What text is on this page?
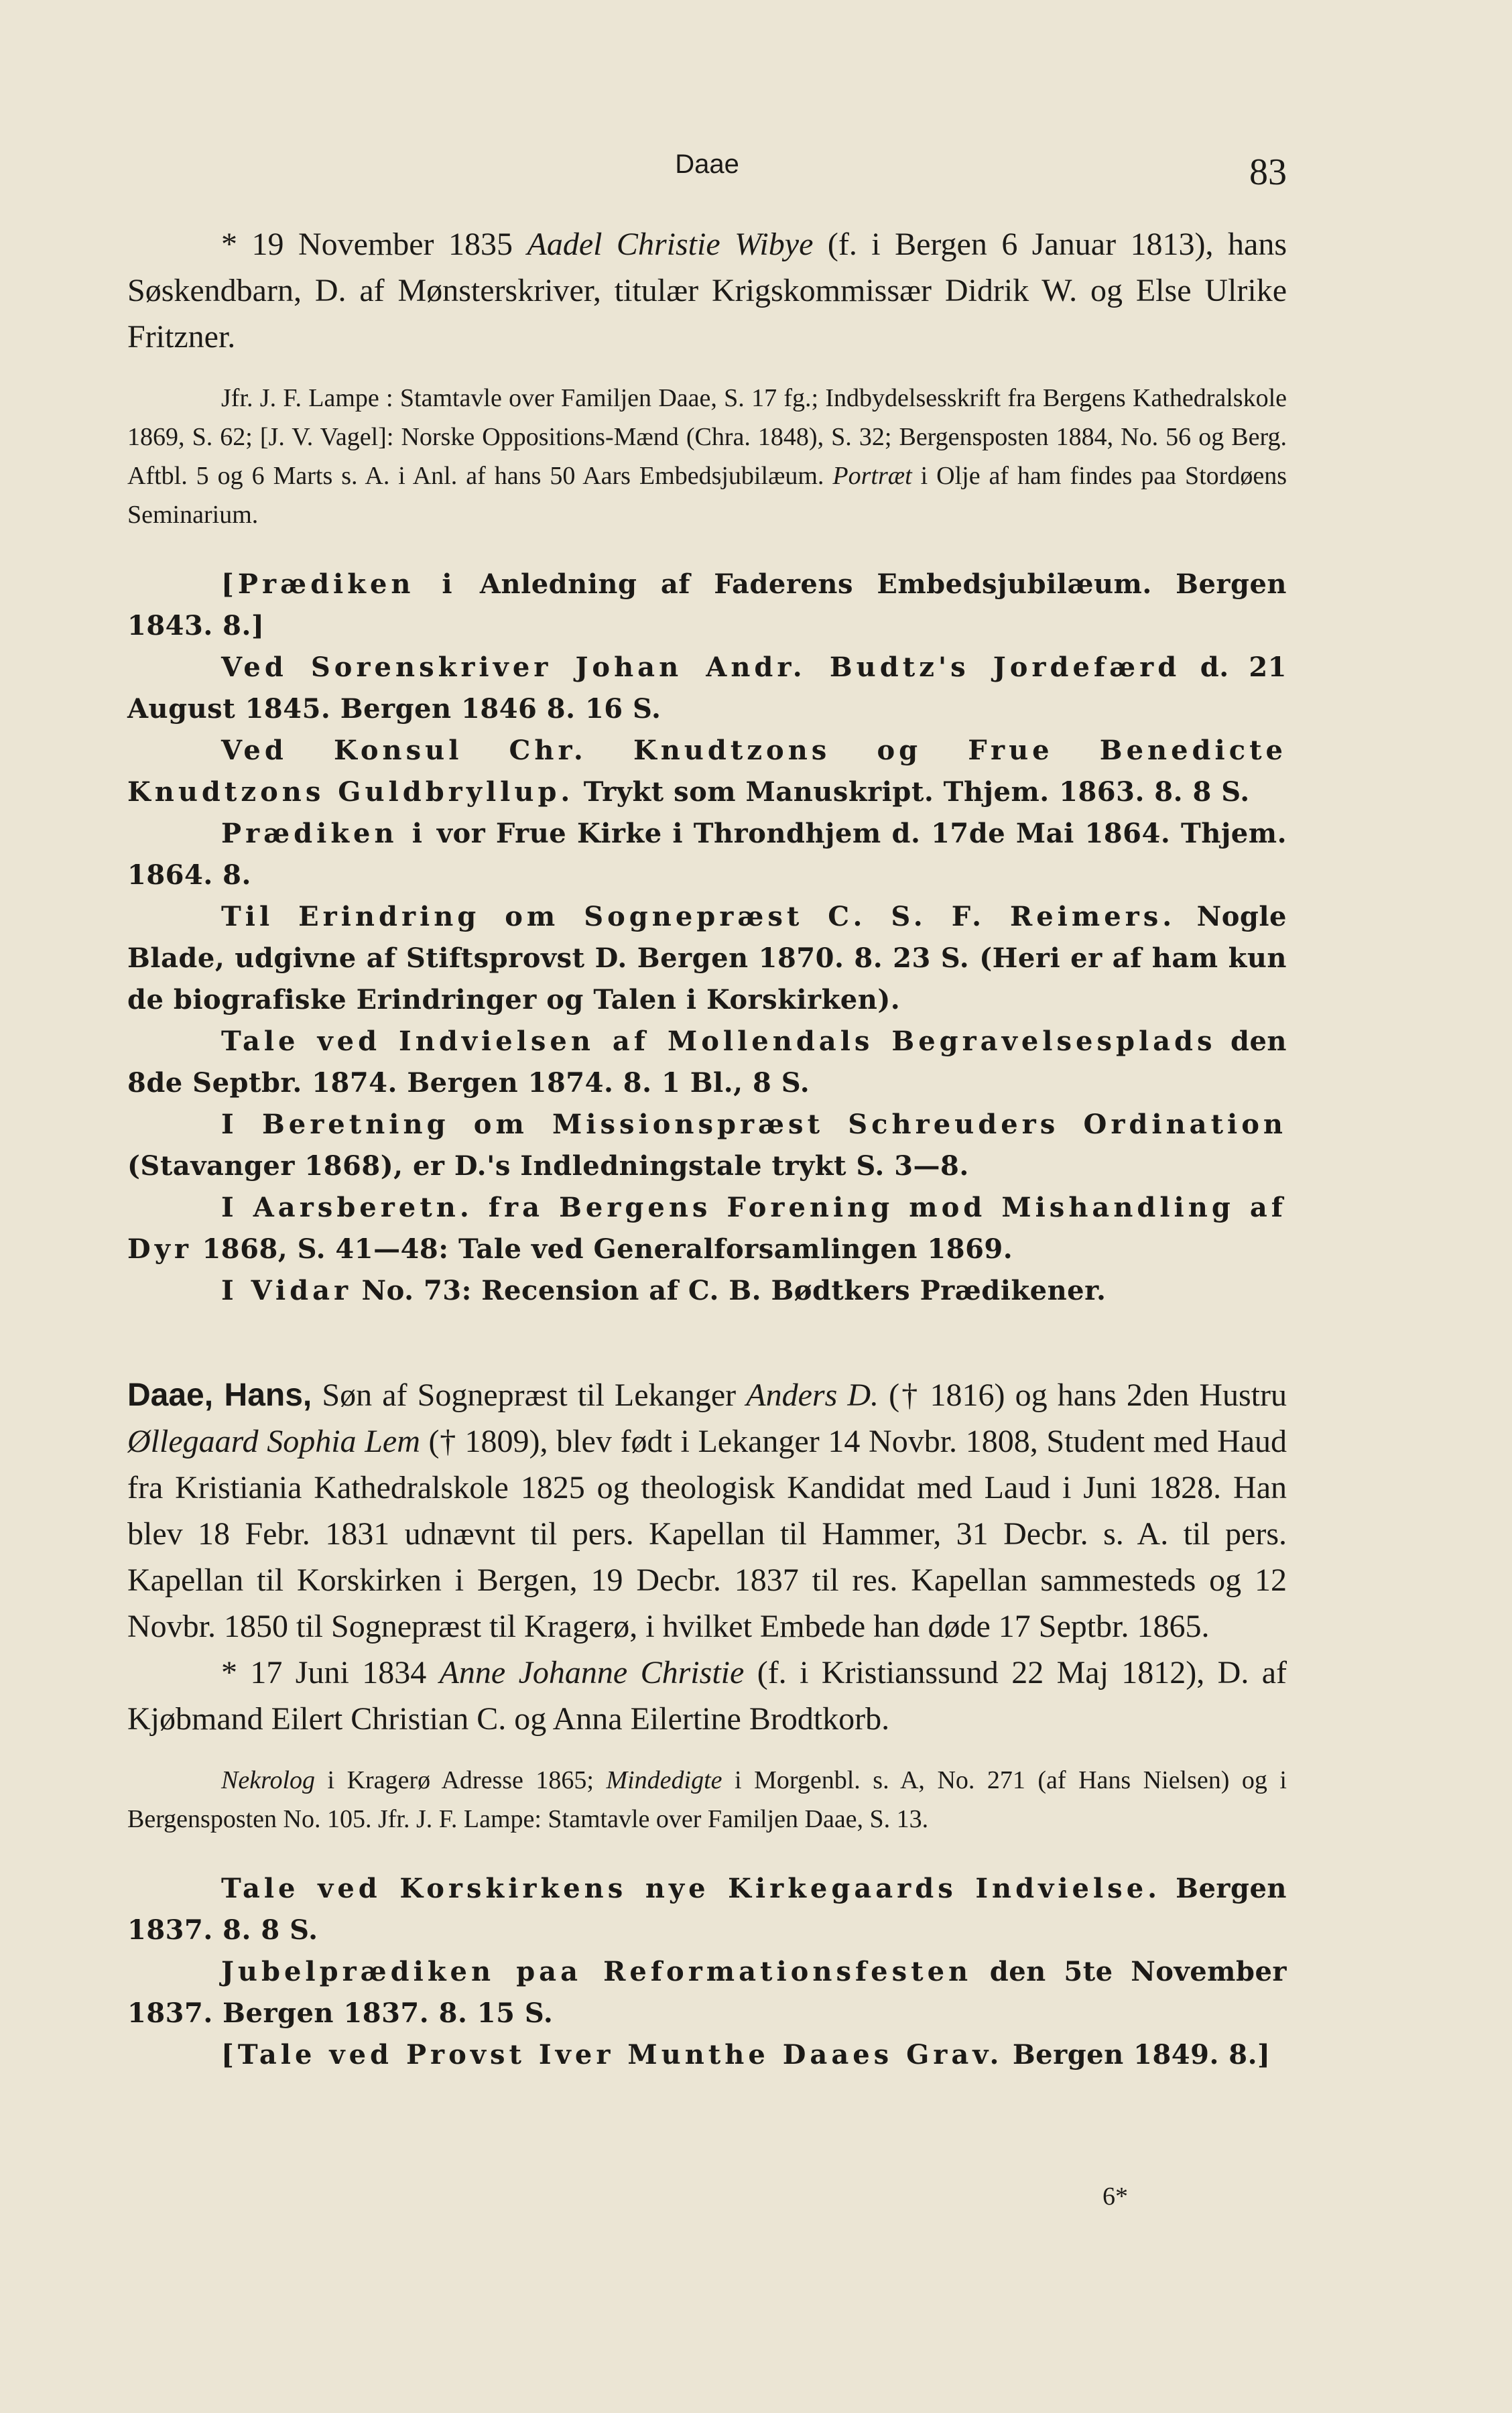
Daae	83

* 19 November 1835 Aadel Christie Wibye (f. i Bergen 6 Januar 1813), hans Søskendbarn, D. af Mønsterskriver, titulær Krigskommissær Didrik W. og Else Ulrike Fritzner.

Jfr. J. F. Lampe : Stamtavle over Familjen Daae, S. 17 fg.; Indbydelsesskrift fra Bergens Kathedralskole 1869, S. 62; [J. V. Vagel]: Norske Oppositions-Mænd (Chra. 1848), S. 32; Bergensposten 1884, No. 56 og Berg. Aftbl. 5 og 6 Marts s. A. i Anl. af hans 50 Aars Embedsjubilæum. Portræt i Olje af ham findes paa Stordøens Seminarium.

[Prædiken i Anledning af Faderens Embedsjubilæum. Bergen 1843. 8.]

Ved Sorenskriver Johan Andr. Budtz's Jordefærd d. 21 August 1845. Bergen 1846 8. 16 S.

Ved Konsul Chr. Knudtzons og Frue Benedicte Knudtzons Guldbryllup. Trykt som Manuskript. Thjem. 1863. 8. 8 S.

Prædiken i vor Frue Kirke i Throndhjem d. 17de Mai 1864. Thjem. 1864. 8.

Til Erindring om Sognepræst C. S. F. Reimers. Nogle Blade, udgivne af Stiftsprovst D. Bergen 1870. 8. 23 S. (Heri er af ham kun de biografiske Erindringer og Talen i Korskirken).

Tale ved Indvielsen af Mollendals Begravelsesplads den 8de Septbr. 1874. Bergen 1874. 8. 1 Bl., 8 S.

I Beretning om Missionspræst Schreuders Ordination (Stavanger 1868), er D.'s Indledningstale trykt S. 3—8.

I Aarsberetn. fra Bergens Forening mod Mishandling af Dyr 1868, S. 41—48: Tale ved Generalforsamlingen 1869.

I Vidar No. 73: Recension af C. B. Bødtkers Prædikener.

Daae, Hans, Søn af Sognepræst til Lekanger Anders D. († 1816) og hans 2den Hustru Øllegaard Sophia Lem († 1809), blev født i Lekanger 14 Novbr. 1808, Student med Haud fra Kristiania Kathedralskole 1825 og theologisk Kandidat med Laud i Juni 1828. Han blev 18 Febr. 1831 udnævnt til pers. Kapellan til Hammer, 31 Decbr. s. A. til pers. Kapellan til Korskirken i Bergen, 19 Decbr. 1837 til res. Kapellan sammesteds og 12 Novbr. 1850 til Sognepræst til Kragerø, i hvilket Embede han døde 17 Septbr. 1865.

* 17 Juni 1834 Anne Johanne Christie (f. i Kristianssund 22 Maj 1812), D. af Kjøbmand Eilert Christian C. og Anna Eilertine Brodtkorb.

Nekrolog i Kragerø Adresse 1865; Mindedigte i Morgenbl. s. A, No. 271 (af Hans Nielsen) og i Bergensposten No. 105. Jfr. J. F. Lampe: Stamtavle over Familjen Daae, S. 13.

Tale ved Korskirkens nye Kirkegaards Indvielse. Bergen 1837. 8. 8 S.

Jubelprædiken paa Reformationsfesten den 5te November 1837. Bergen 1837. 8. 15 S.

[Tale ved Provst Iver Munthe Daaes Grav. Bergen 1849. 8.]

6*
